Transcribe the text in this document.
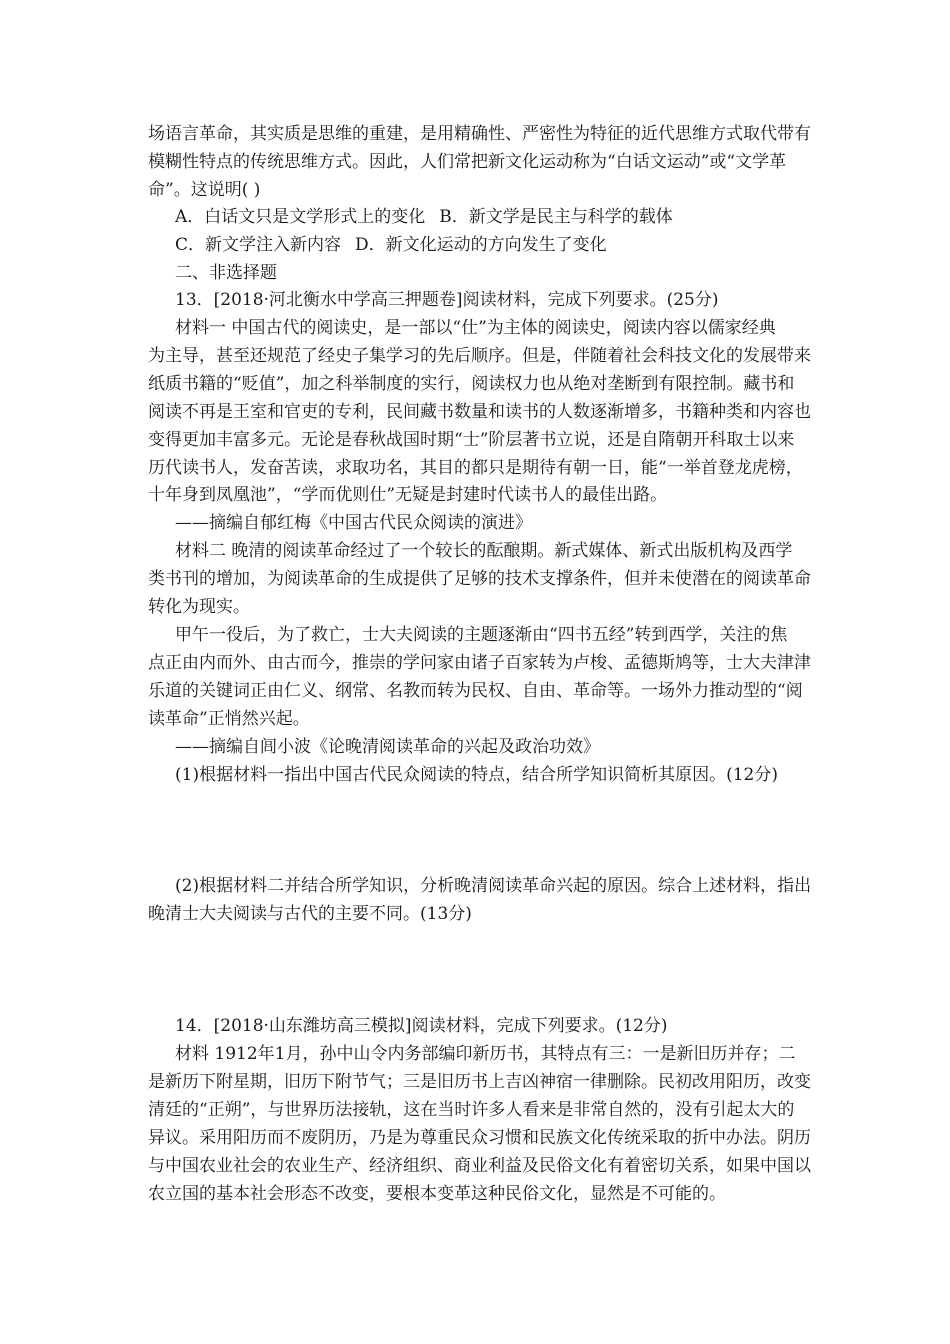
场语言革命，其实质是思维的重建，是用精确性、严密性为特征的近代思维方式取代带有
模糊性特点的传统思维方式。因此，人们常把新文化运动称为“白话文运动”或“文学革
命”。这说明( )
A．白话文只是文学形式上的变化 B．新文学是民主与科学的载体
C．新文学注入新内容 D．新文化运动的方向发生了变化
二、非选择题
13．[2018·河北衡水中学高三押题卷]阅读材料，完成下列要求。(25分)
材料一 中国古代的阅读史，是一部以“仕”为主体的阅读史，阅读内容以儒家经典
为主导，甚至还规范了经史子集学习的先后顺序。但是，伴随着社会科技文化的发展带来
纸质书籍的“贬值”，加之科举制度的实行，阅读权力也从绝对垄断到有限控制。藏书和
阅读不再是王室和官吏的专利，民间藏书数量和读书的人数逐渐增多，书籍种类和内容也
变得更加丰富多元。无论是春秋战国时期“士”阶层著书立说，还是自隋朝开科取士以来
历代读书人，发奋苦读，求取功名，其目的都只是期待有朝一日，能“一举首登龙虎榜，
十年身到凤凰池”，“学而优则仕”无疑是封建时代读书人的最佳出路。
——摘编自郁红梅《中国古代民众阅读的演进》
材料二 晚清的阅读革命经过了一个较长的酝酿期。新式媒体、新式出版机构及西学
类书刊的增加，为阅读革命的生成提供了足够的技术支撑条件，但并未使潜在的阅读革命
转化为现实。
甲午一役后，为了救亡，士大夫阅读的主题逐渐由“四书五经”转到西学，关注的焦
点正由内而外、由古而今，推崇的学问家由诸子百家转为卢梭、孟德斯鸠等，士大夫津津
乐道的关键词正由仁义、纲常、名教而转为民权、自由、革命等。一场外力推动型的“阅
读革命”正悄然兴起。
——摘编自闾小波《论晚清阅读革命的兴起及政治功效》
(1)根据材料一指出中国古代民众阅读的特点，结合所学知识简析其原因。(12分)
(2)根据材料二并结合所学知识，分析晚清阅读革命兴起的原因。综合上述材料，指出
晚清士大夫阅读与古代的主要不同。(13分)
14．[2018·山东潍坊高三模拟]阅读材料，完成下列要求。(12分)
材料 1912年1月，孙中山令内务部编印新历书，其特点有三：一是新旧历并存；二
是新历下附星期，旧历下附节气；三是旧历书上吉凶神宿一律删除。民初改用阳历，改变
清廷的“正朔”，与世界历法接轨，这在当时许多人看来是非常自然的，没有引起太大的
异议。采用阳历而不废阴历，乃是为尊重民众习惯和民族文化传统采取的折中办法。阴历
与中国农业社会的农业生产、经济组织、商业利益及民俗文化有着密切关系，如果中国以
农立国的基本社会形态不改变，要根本变革这种民俗文化，显然是不可能的。
